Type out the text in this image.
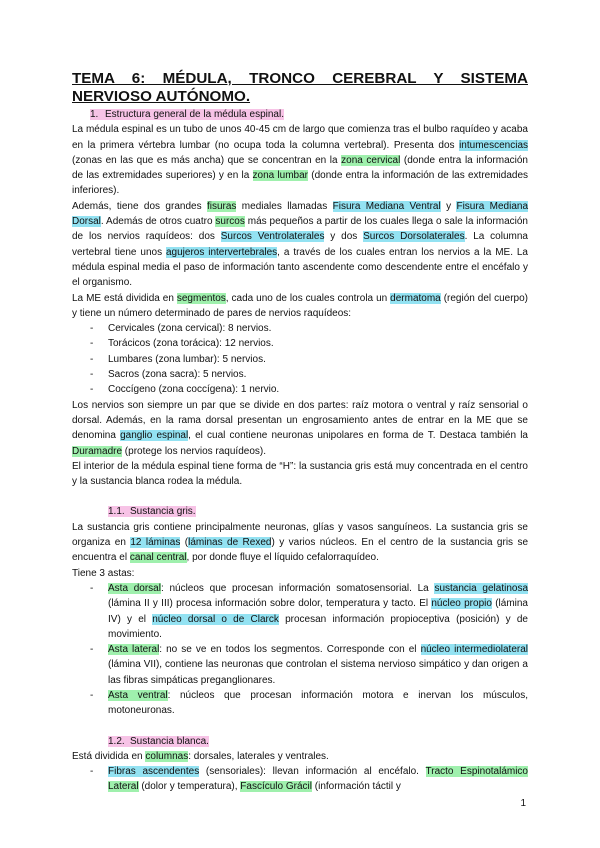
TEMA 6: MÉDULA, TRONCO CEREBRAL Y SISTEMA NERVIOSO AUTÓNOMO.
1. Estructura general de la médula espinal.

La médula espinal es un tubo de unos 40-45 cm de largo que comienza tras el bulbo raquídeo y acaba en la primera vértebra lumbar (no ocupa toda la columna vertebral). Presenta dos intumescencias (zonas en las que es más ancha) que se concentran en la zona cervical (donde entra la información de las extremidades superiores) y en la zona lumbar (donde entra la información de las extremidades inferiores).

Además, tiene dos grandes fisuras mediales llamadas Fisura Mediana Ventral y Fisura Mediana Dorsal. Además de otros cuatro surcos más pequeños a partir de los cuales llega o sale la información de los nervios raquídeos: dos Surcos Ventrolaterales y dos Surcos Dorsolaterales. La columna vertebral tiene unos agujeros intervertebrales, a través de los cuales entran los nervios a la ME. La médula espinal media el paso de información tanto ascendente como descendente entre el encéfalo y el organismo.

La ME está dividida en segmentos, cada uno de los cuales controla un dermatoma (región del cuerpo) y tiene un número determinado de pares de nervios raquídeos:

- Cervicales (zona cervical): 8 nervios.
- Torácicos (zona torácica): 12 nervios.
- Lumbares (zona lumbar): 5 nervios.
- Sacros (zona sacra): 5 nervios.
- Coccígeno (zona coccígena): 1 nervio.

Los nervios son siempre un par que se divide en dos partes: raíz motora o ventral y raíz sensorial o dorsal. Además, en la rama dorsal presentan un engrosamiento antes de entrar en la ME que se denomina ganglio espinal, el cual contiene neuronas unipolares en forma de T. Destaca también la Duramadre (protege los nervios raquídeos).

El interior de la médula espinal tiene forma de “H”: la sustancia gris está muy concentrada en el centro y la sustancia blanca rodea la médula.

1.1. Sustancia gris.

La sustancia gris contiene principalmente neuronas, glías y vasos sanguíneos. La sustancia gris se organiza en 12 láminas (láminas de Rexed) y varios núcleos. En el centro de la sustancia gris se encuentra el canal central, por donde fluye el líquido cefalorraquídeo.

Tiene 3 astas:

- Asta dorsal: núcleos que procesan información somatosensorial. La sustancia gelatinosa (lámina II y III) procesa información sobre dolor, temperatura y tacto. El núcleo propio (lámina IV) y el núcleo dorsal o de Clarck procesan información propioceptiva (posición) y de movimiento.
- Asta lateral: no se ve en todos los segmentos. Corresponde con el núcleo intermediolateral (lámina VII), contiene las neuronas que controlan el sistema nervioso simpático y dan origen a las fibras simpáticas preganglionares.
- Asta ventral: núcleos que procesan información motora e inervan los músculos, motoneuronas.
1.2. Sustancia blanca.

Está dividida en columnas: dorsales, laterales y ventrales.

- Fibras ascendentes (sensoriales): llevan información al encéfalo. Tracto Espinotalámico Lateral (dolor y temperatura), Fascículo Grácil (información táctil y
1
